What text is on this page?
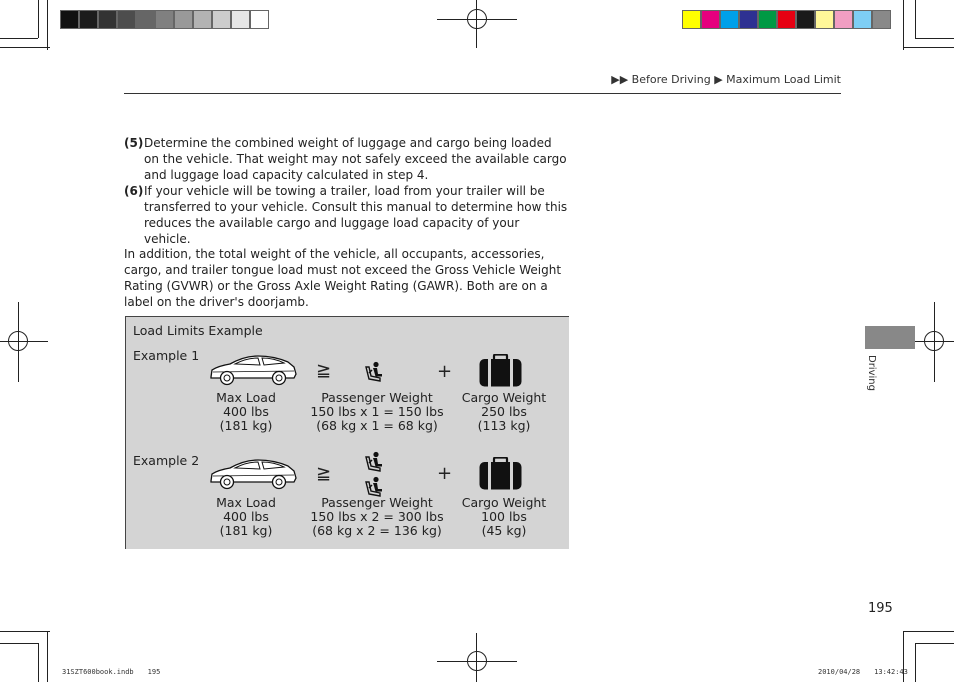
▶▶ Before Driving ▶ Maximum Load Limit
(5) Determine the combined weight of luggage and cargo being loaded on the vehicle. That weight may not safely exceed the available cargo and luggage load capacity calculated in step 4.
(6) If your vehicle will be towing a trailer, load from your trailer will be transferred to your vehicle. Consult this manual to determine how this reduces the available cargo and luggage load capacity of your vehicle.
In addition, the total weight of the vehicle, all occupants, accessories, cargo, and trailer tongue load must not exceed the Gross Vehicle Weight Rating (GVWR) or the Gross Axle Weight Rating (GAWR). Both are on a label on the driver's doorjamb.
Load Limits Example
Example 1
≧	+
Max Load
400 lbs
(181 kg)
Passenger Weight
150 lbs x 1 = 150 lbs
(68 kg x 1 = 68 kg)
Cargo Weight
250 lbs
(113 kg)
Example 2
≧	+
Max Load
400 lbs
(181 kg)
Passenger Weight
150 lbs x 2 = 300 lbs
(68 kg x 2 = 136 kg)
Cargo Weight
100 lbs
(45 kg)
Driving
195
31SZT600book.indb　　195	2010/04/28　　13:42:43
